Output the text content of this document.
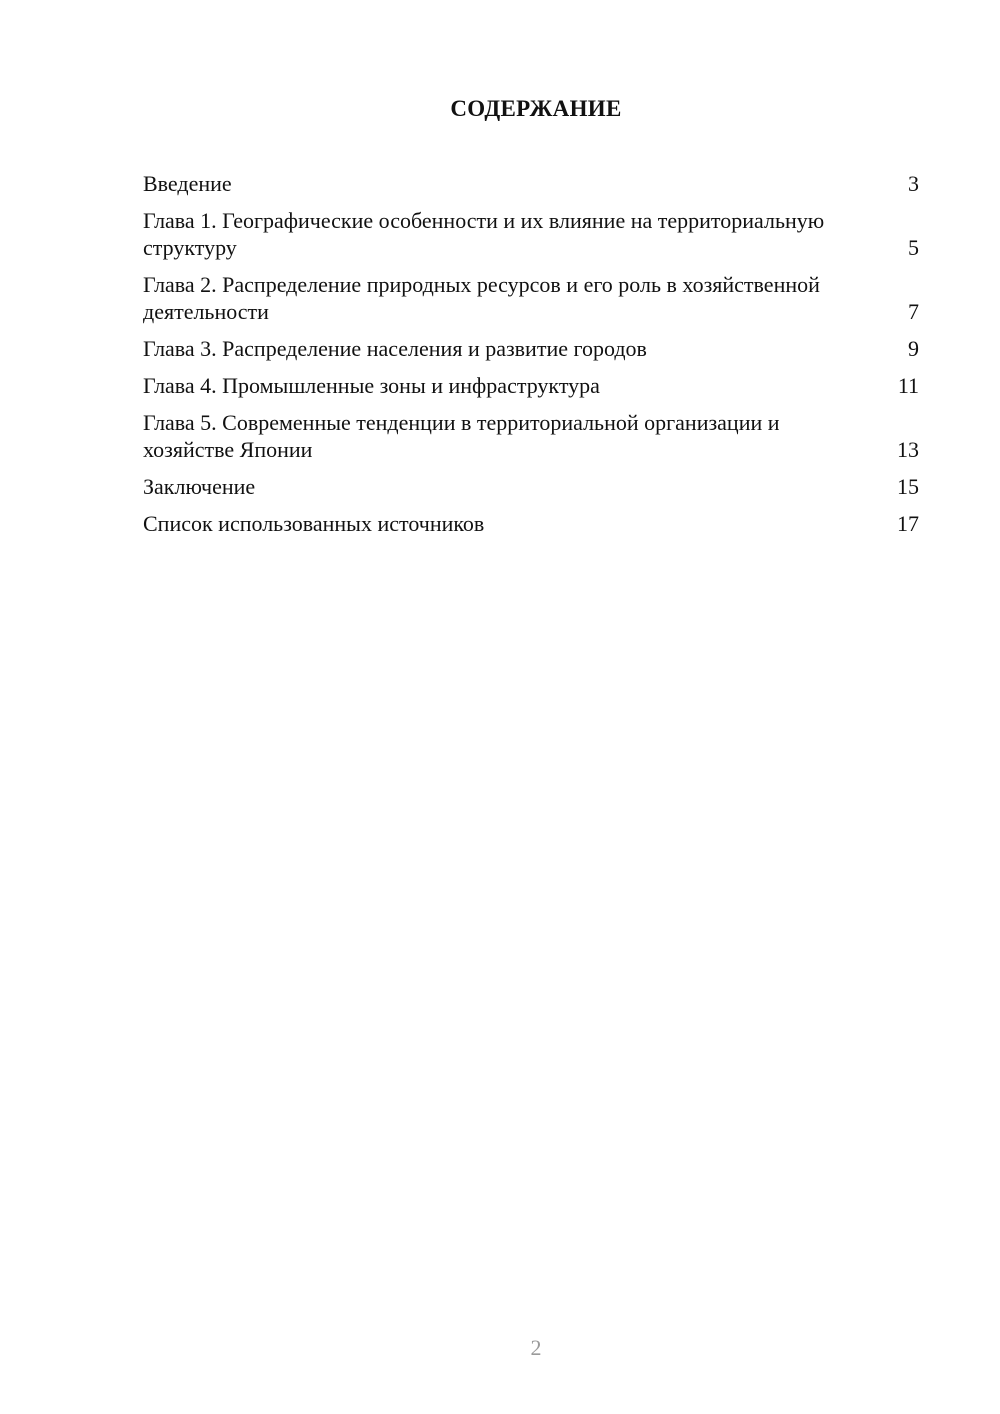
СОДЕРЖАНИЕ
Введение	3
Глава 1. Географические особенности и их влияние на территориальную структуру	5
Глава 2. Распределение природных ресурсов и его роль в хозяйственной деятельности	7
Глава 3. Распределение населения и развитие городов	9
Глава 4. Промышленные зоны и инфраструктура	11
Глава 5. Современные тенденции в территориальной организации и хозяйстве Японии	13
Заключение	15
Список использованных источников	17
2
